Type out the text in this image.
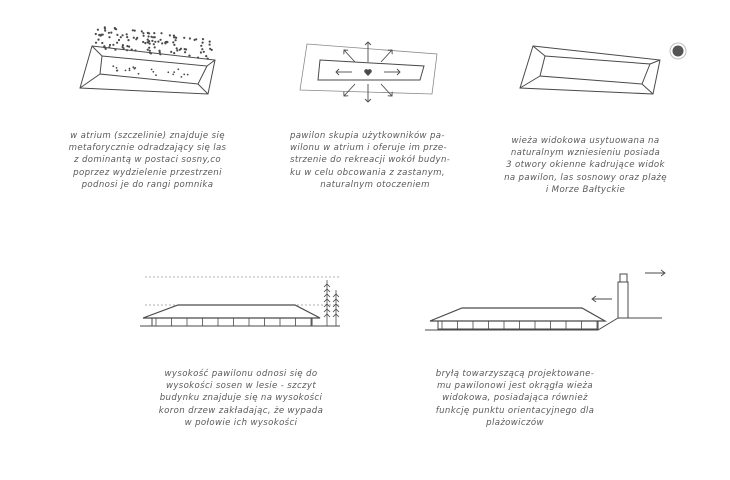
w atrium (szczelinie) znajduje się
metaforycznie odradzający się las
z dominantą w postaci sosny,co
poprzez wydzielenie przestrzeni
podnosi je do rangi pomnika
pawilon skupia użytkowników pa-
wilonu w atrium i oferuje im prze-
strzenie do rekreacji wokół budyn-
ku w celu obcowania z zastanym,
naturalnym otoczeniem
wieża widokowa usytuowana na
naturalnym wzniesieniu posiada
3 otwory okienne kadrujące widok
na pawilon, las sosnowy oraz plażę
i Morze Bałtyckie
wysokość pawilonu odnosi się do
wysokości sosen w lesie - szczyt
budynku znajduje się na wysokości
koron drzew zakładając, że wypada
w połowie ich wysokości
bryłą towarzyszącą projektowane-
mu pawilonowi jest okrągła wieża
widokowa, posiadająca również
funkcję punktu orientacyjnego dla
plażowiczów
